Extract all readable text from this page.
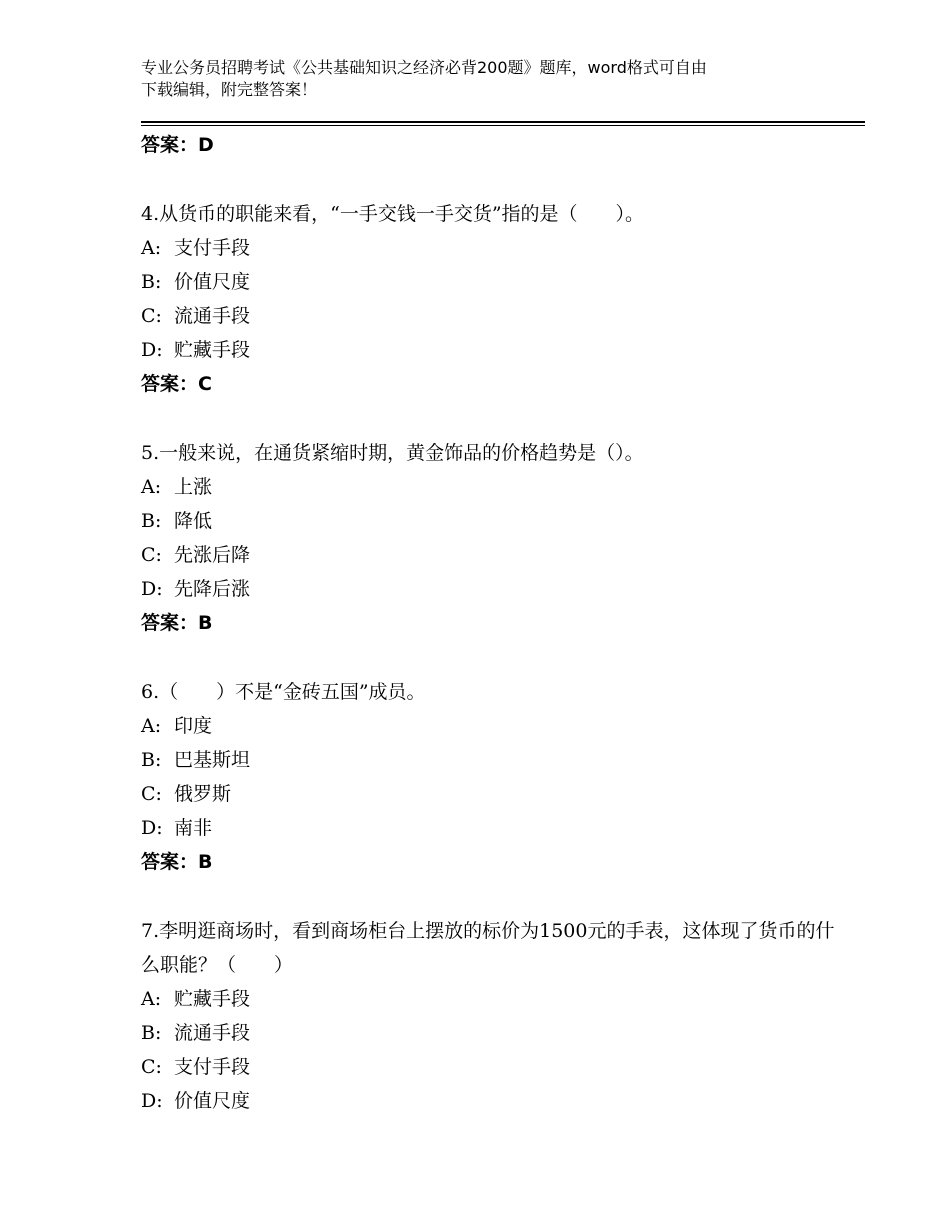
专业公务员招聘考试《公共基础知识之经济必背200题》题库，word格式可自由
下载编辑，附完整答案！
答案：D
4.从货币的职能来看，“一手交钱一手交货”指的是（　　）。
A: 支付手段
B: 价值尺度
C: 流通手段
D: 贮藏手段
答案：C
5.一般来说，在通货紧缩时期，黄金饰品的价格趋势是（）。
A: 上涨
B: 降低
C: 先涨后降
D: 先降后涨
答案：B
6.（　　）不是“金砖五国”成员。
A: 印度
B: 巴基斯坦
C: 俄罗斯
D: 南非
答案：B
7.李明逛商场时，看到商场柜台上摆放的标价为1500元的手表，这体现了货币的什么职能？（　　）
A: 贮藏手段
B: 流通手段
C: 支付手段
D: 价值尺度
